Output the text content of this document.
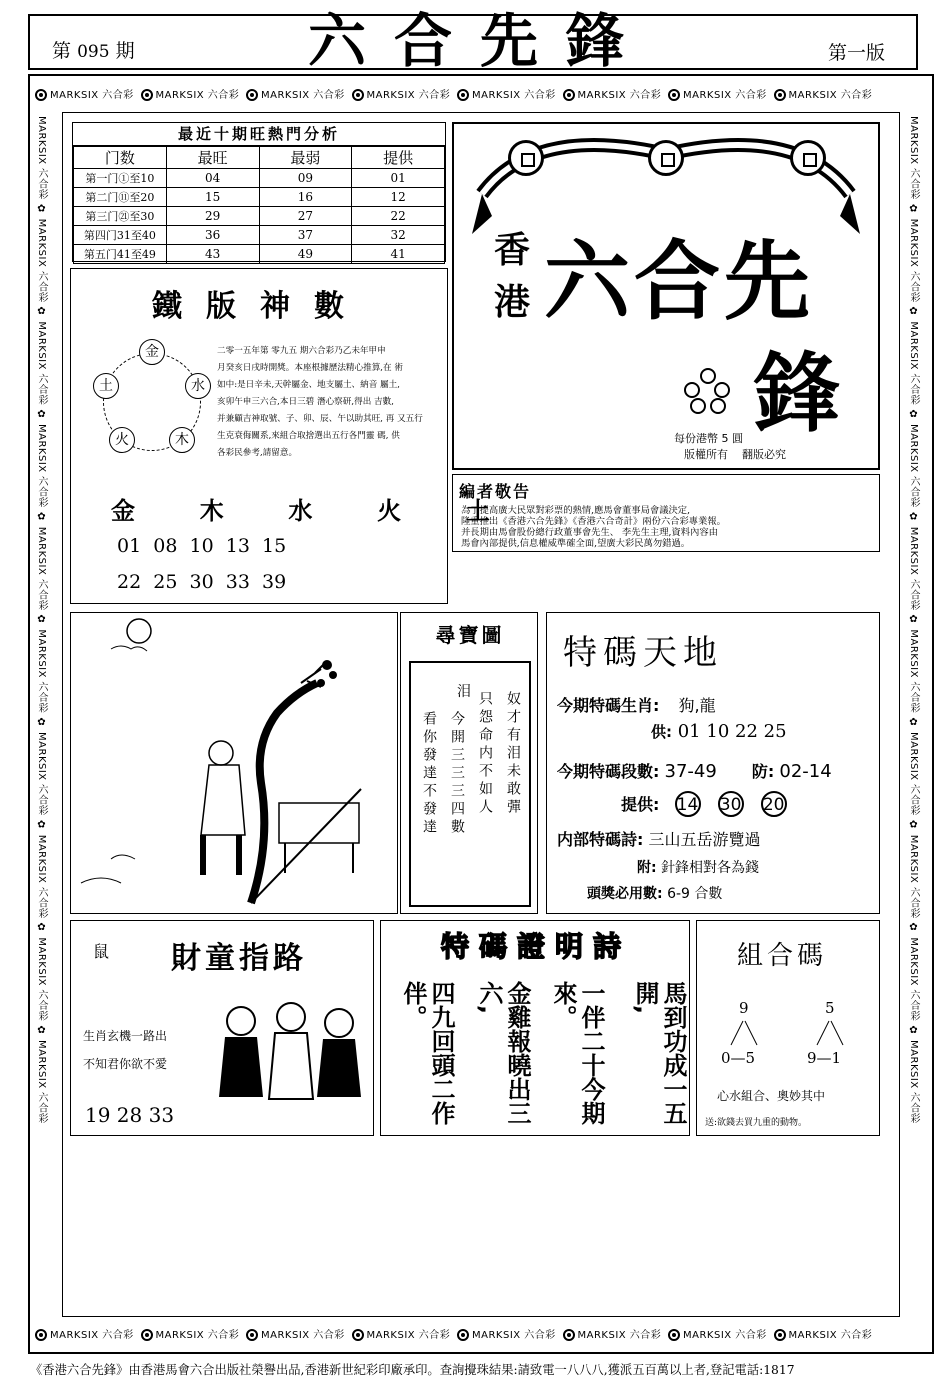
第 095 期	六合先鋒	第一版
MARKSIX 六合彩 MARKSIX 六合彩 MARKSIX 六合彩 MARKSIX 六合彩 MARKSIX 六合彩 MARKSIX 六合彩 MARKSIX 六合彩 MARKSIX 六合彩
MARKSIX 六合彩 MARKSIX 六合彩 MARKSIX 六合彩 MARKSIX 六合彩 MARKSIX 六合彩 MARKSIX 六合彩 MARKSIX 六合彩 MARKSIX 六合彩
MARKSIX 六合彩 ✿ MARKSIX 六合彩 ✿ MARKSIX 六合彩 ✿ MARKSIX 六合彩 ✿ MARKSIX 六合彩 ✿ MARKSIX 六合彩 ✿ MARKSIX 六合彩 ✿ MARKSIX 六合彩 ✿ MARKSIX 六合彩 ✿ MARKSIX 六合彩
MARKSIX 六合彩 ✿ MARKSIX 六合彩 ✿ MARKSIX 六合彩 ✿ MARKSIX 六合彩 ✿ MARKSIX 六合彩 ✿ MARKSIX 六合彩 ✿ MARKSIX 六合彩 ✿ MARKSIX 六合彩 ✿ MARKSIX 六合彩 ✿ MARKSIX 六合彩
最近十期旺熱門分析
门数	最旺	最弱	提供
第一门①至10	04	09	01
第二门⑪至20	15	16	12
第三门㉑至30	29	27	22
第四门31至40	36	37	32
第五门41至49	43	49	41
鐵版神數
金
水
木
火
土
二零一五年第 零九五 期六合彩乃乙未年甲申
月癸亥日戌時開獎。本座根據歷法精心推算,在 術
如中:是日辛未,天幹屬金、地支屬土、納音 屬土,
亥卯午申三六合,本日三碧 潛心察研,得出 吉數,
并兼顧吉神取號、子、卯、辰、午以助其旺, 再 又五行
生克衰侮關系,來組合取捨選出五行各門靈 碼, 供
各彩民參考,請留意。
金  木  水  火  土
01  08  10  13  15
22  25  30  33  39
香
港 六合先
鋒
每份港幣 5 圓
版權所有    翻版必究
編者敬告
為了提高廣大民眾對彩票的熱情,應馬會董事局會議決定,
隆重推出《香港六合先鋒》《香港六合奇計》兩份六合彩專業報。
并長期由馬會股份總行政董事會先生、 李先生主理,資料內容由
馬會內部提供,信息權威準確全面,望廣大彩民萬勿錯過。
尋寶圖
泪 奴才有泪未敢彈
只怨命内不如人
今開三三三四數
看你發達不發達
特碼天地
今期特碼生肖: 狗,龍
供: 01 10 22 25
今期特碼段數: 37-49 防: 02-14
提供: 14 30 20
内部特碼詩: 三山五岳游覽過
附: 針鋒相對各為錢
頭獎必用數: 6-9 合數
鼠 財童指路
生肖玄機一路出
不知君你欲不愛
19 28 33
特碼證明詩
馬到功成一五開,
一伴二十今期來。
金雞報曉出三六,
四九回頭二作伴。
組合碼
9
0—5
5
9—1
心水組合、奧妙其中
送:欲錢去買九重的動物。
《香港六合先鋒》由香港馬會六合出版社榮譽出品,香港新世紀彩印廠承印。查詢攪珠結果:請致電一八八八,獲派五百萬以上者,登記電話:1817
